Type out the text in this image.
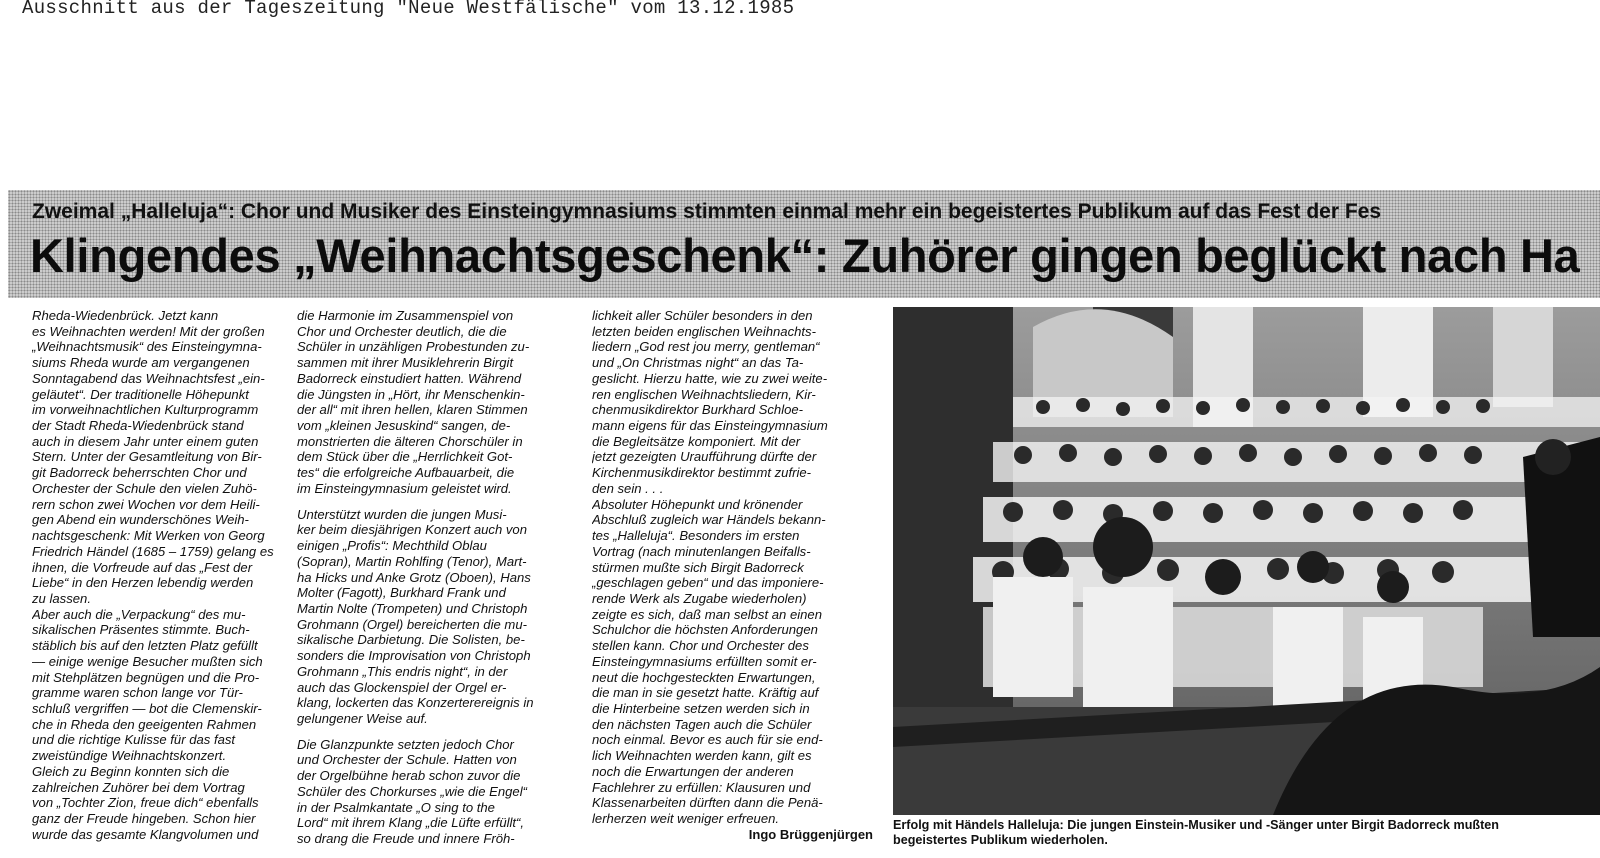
Ausschnitt aus der Tageszeitung "Neue Westfälische" vom 13.12.1985
Zweimal „Halleluja“: Chor und Musiker des Einsteingymnasiums stimmten einmal mehr ein begeistertes Publikum auf das Fest der Fes
Klingendes „Weihnachtsgeschenk“: Zuhörer gingen beglückt nach Ha

Rheda-Wiedenbrück. Jetzt kann

es Weihnachten werden! Mit der großen

„Weihnachtsmusik“ des Einsteingymna-

siums Rheda wurde am vergangenen

Sonntagabend das Weihnachtsfest „ein-

geläutet“. Der traditionelle Höhepunkt

im vorweihnachtlichen Kulturprogramm

der Stadt Rheda-Wiedenbrück stand

auch in diesem Jahr unter einem guten

Stern. Unter der Gesamtleitung von Bir-

git Badorreck beherrschten Chor und

Orchester der Schule den vielen Zuhö-

rern schon zwei Wochen vor dem Heili-

gen Abend ein wunderschönes Weih-

nachtsgeschenk: Mit Werken von Georg

Friedrich Händel (1685 – 1759) gelang es

ihnen, die Vorfreude auf das „Fest der

Liebe“ in den Herzen lebendig werden

zu lassen.

Aber auch die „Verpackung“ des mu-

sikalischen Präsentes stimmte. Buch-

stäblich bis auf den letzten Platz gefüllt

— einige wenige Besucher mußten sich

mit Stehplätzen begnügen und die Pro-

gramme waren schon lange vor Tür-

schluß vergriffen — bot die Clemenskir-

che in Rheda den geeigenten Rahmen

und die richtige Kulisse für das fast

zweistündige Weihnachtskonzert.

Gleich zu Beginn konnten sich die

zahlreichen Zuhörer bei dem Vortrag

von „Tochter Zion, freue dich“ ebenfalls

ganz der Freude hingeben. Schon hier

wurde das gesamte Klangvolumen und

die Harmonie im Zusammenspiel von

Chor und Orchester deutlich, die die

Schüler in unzähligen Probestunden zu-

sammen mit ihrer Musiklehrerin Birgit

Badorreck einstudiert hatten. Während

die Jüngsten in „Hört, ihr Menschenkin-

der all“ mit ihren hellen, klaren Stimmen

vom „kleinen Jesuskind“ sangen, de-

monstrierten die älteren Chorschüler in

dem Stück über die „Herrlichkeit Got-

tes“ die erfolgreiche Aufbauarbeit, die

im Einsteingymnasium geleistet wird.

Unterstützt wurden die jungen Musi-

ker beim diesjährigen Konzert auch von

einigen „Profis“: Mechthild Oblau

(Sopran), Martin Rohlfing (Tenor), Mart-

ha Hicks und Anke Grotz (Oboen), Hans

Molter (Fagott), Burkhard Frank und

Martin Nolte (Trompeten) und Christoph

Grohmann (Orgel) bereicherten die mu-

sikalische Darbietung. Die Solisten, be-

sonders die Improvisation von Christoph

Grohmann „This endris night“, in der

auch das Glockenspiel der Orgel er-

klang, lockerten das Konzerterereignis in

gelungener Weise auf.

Die Glanzpunkte setzten jedoch Chor

und Orchester der Schule. Hatten von

der Orgelbühne herab schon zuvor die

Schüler des Chorkurses „wie die Engel“

in der Psalmkantate „O sing to the

Lord“ mit ihrem Klang „die Lüfte erfüllt“,

so drang die Freude und innere Fröh-

lichkeit aller Schüler besonders in den

letzten beiden englischen Weihnachts-

liedern „God rest jou merry, gentleman“

und „On Christmas night“ an das Ta-

geslicht. Hierzu hatte, wie zu zwei weite-

ren englischen Weihnachtsliedern, Kir-

chenmusikdirektor Burkhard Schloe-

mann eigens für das Einsteingymnasium

die Begleitsätze komponiert. Mit der

jetzt gezeigten Uraufführung dürfte der

Kirchenmusikdirektor bestimmt zufrie-

den sein . . .

Absoluter Höhepunkt und krönender

Abschluß zugleich war Händels bekann-

tes „Halleluja“. Besonders im ersten

Vortrag (nach minutenlangen Beifalls-

stürmen mußte sich Birgit Badorreck

„geschlagen geben“ und das imponiere-

rende Werk als Zugabe wiederholen)

zeigte es sich, daß man selbst an einen

Schulchor die höchsten Anforderungen

stellen kann. Chor und Orchester des

Einsteingymnasiums erfüllten somit er-

neut die hochgesteckten Erwartungen,

die man in sie gesetzt hatte. Kräftig auf

die Hinterbeine setzen werden sich in

den nächsten Tagen auch die Schüler

noch einmal. Bevor es auch für sie end-

lich Weihnachten werden kann, gilt es

noch die Erwartungen der anderen

Fachlehrer zu erfüllen: Klausuren und

Klassenarbeiten dürften dann die Penä-

lerherzen weit weniger erfreuen.

Ingo Brüggenjürgen

Erfolg mit Händels Halleluja: Die jungen Einstein-Musiker und -Sänger unter Birgit Badorreck mußten
begeistertes Publikum wiederholen.
